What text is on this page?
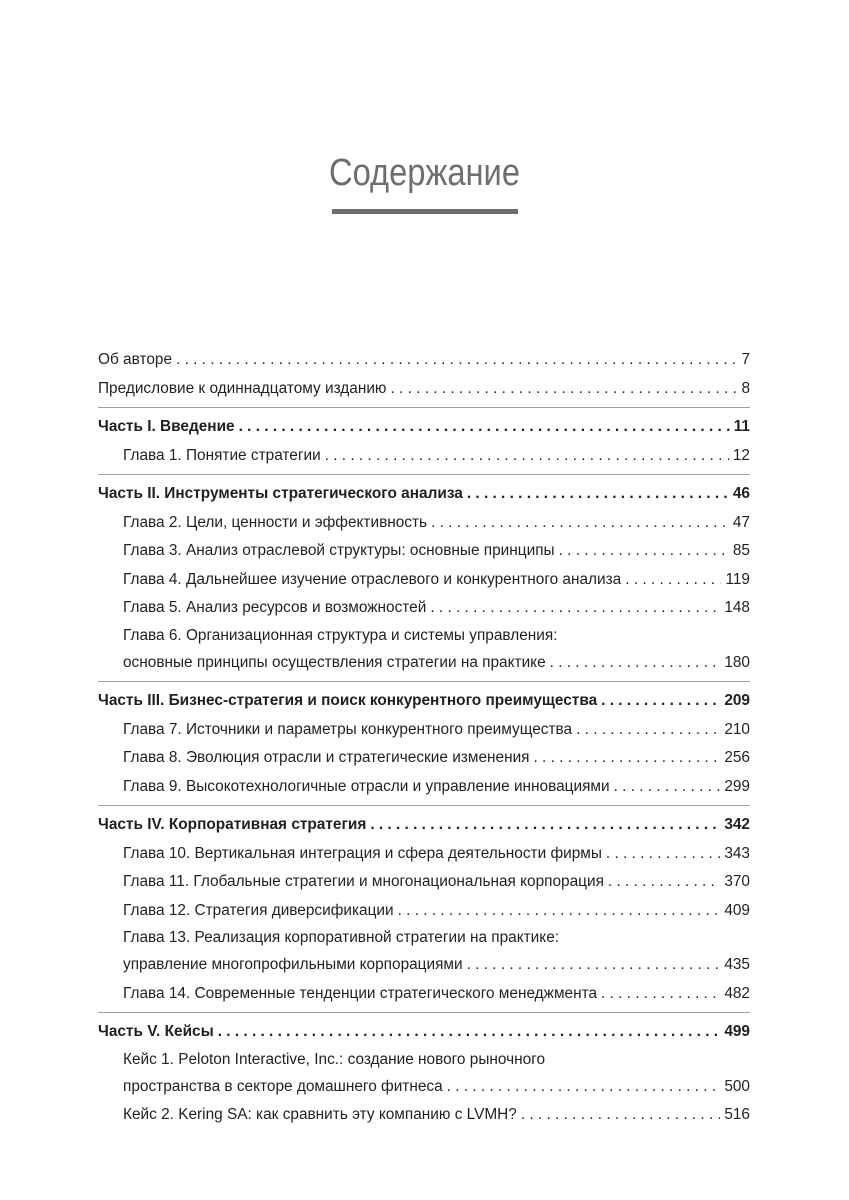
Содержание
Об авторе . . .	7
Предисловие к одиннадцатому изданию . . .	8
Часть I. Введение . . .	11
Глава 1. Понятие стратегии . . .	12
Часть II. Инструменты стратегического анализа . . .	46
Глава 2. Цели, ценности и эффективность . . .	47
Глава 3. Анализ отраслевой структуры: основные принципы . . .	85
Глава 4. Дальнейшее изучение отраслевого и конкурентного анализа . . .	119
Глава 5. Анализ ресурсов и возможностей . . .	148
Глава 6. Организационная структура и системы управления:
основные принципы осуществления стратегии на практике . . .	180
Часть III. Бизнес-стратегия и поиск конкурентного преимущества . . .	209
Глава 7. Источники и параметры конкурентного преимущества . . .	210
Глава 8. Эволюция отрасли и стратегические изменения . . .	256
Глава 9. Высокотехнологичные отрасли и управление инновациями . . .	299
Часть IV. Корпоративная стратегия . . .	342
Глава 10. Вертикальная интеграция и сфера деятельности фирмы . . .	343
Глава 11. Глобальные стратегии и многонациональная корпорация . . .	370
Глава 12. Стратегия диверсификации . . .	409
Глава 13. Реализация корпоративной стратегии на практике:
управление многопрофильными корпорациями . . .	435
Глава 14. Современные тенденции стратегического менеджмента . . .	482
Часть V. Кейсы . . .	499
Кейс 1. Peloton Interactive, Inc.: создание нового рыночного
пространства в секторе домашнего фитнеса . . .	500
Кейс 2. Kering SA: как сравнить эту компанию с LVMH? . . .	516
